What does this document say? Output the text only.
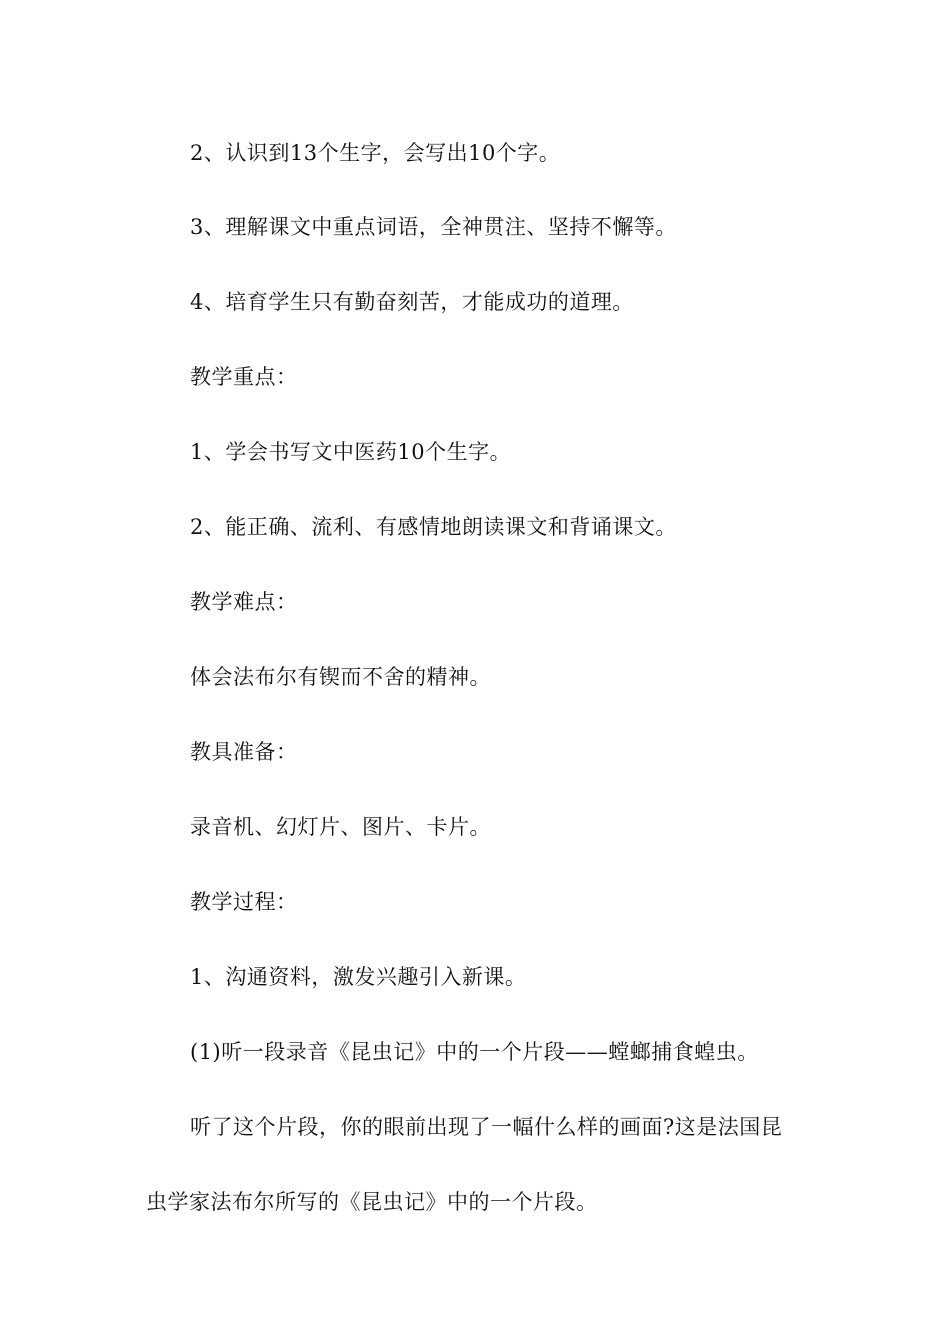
2、认识到13个生字，会写出10个字。
3、理解课文中重点词语，全神贯注、坚持不懈等。
4、培育学生只有勤奋刻苦，才能成功的道理。
教学重点：
1、学会书写文中医药10个生字。
2、能正确、流利、有感情地朗读课文和背诵课文。
教学难点：
体会法布尔有锲而不舍的精神。
教具准备：
录音机、幻灯片、图片、卡片。
教学过程：
1、沟通资料，激发兴趣引入新课。
(1)听一段录音《昆虫记》中的一个片段——螳螂捕食蝗虫。
听了这个片段，你的眼前出现了一幅什么样的画面?这是法国昆
虫学家法布尔所写的《昆虫记》中的一个片段。
